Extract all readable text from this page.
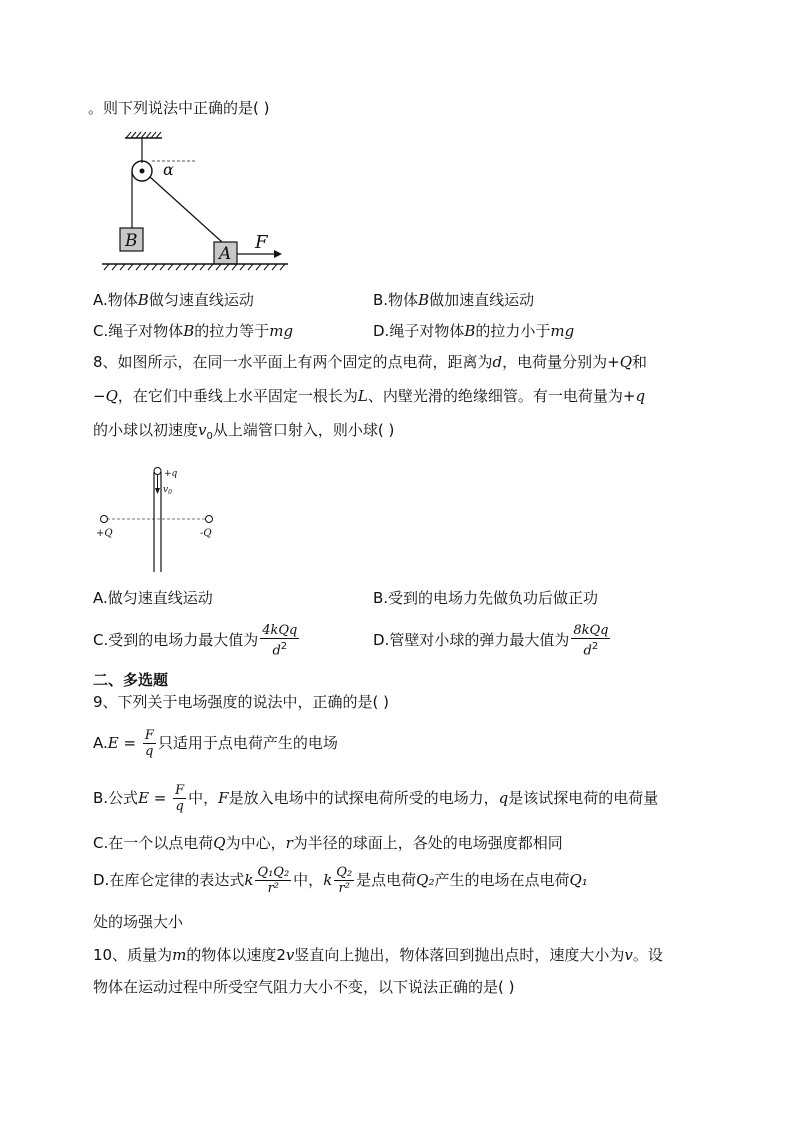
。则下列说法中正确的是( )
α
B
A
F
A.物体B做匀速直线运动	B.物体B做加速直线运动
C.绳子对物体B的拉力等于mg	D.绳子对物体B的拉力小于mg
8、如图所示，在同一水平面上有两个固定的点电荷，距离为d，电荷量分别为+Q和
−Q，在它们中垂线上水平固定一根长为L、内壁光滑的绝缘细管。有一电荷量为+q
的小球以初速度$v_0$从上端管口射入，则小球( )
+q
$v_0$
+Q	-Q
A.做匀速直线运动	B.受到的电场力先做负功后做正功
C.受到的电场力最大值为 $\frac{\text{4kQq}}{d^2}$	D.管壁对小球的弹力最大值为 $\frac{\text{8kQq}}{d^2}$
二、多选题
9、下列关于电场强度的说法中，正确的是( )
$A.E = \frac{F}{q}$ 只适用于点电荷产生的电场
B.公式$E = \frac{F}{q}$ 中，F是放入电场中的试探电荷所受的电场力，q是该试探电荷的电荷量
C.在一个以点电荷Q为中心，r为半径的球面上，各处的电场强度都相同
D.在库仑定律的表达式k $\frac{\text{Q₁Q₂}}{\text{r²}}$ 中，k $\frac{\text{Q₂}}{\text{r²}}$ 是点电荷Q₂产生的电场在点电荷Q₁
处的场强大小
10、质量为m的物体以速度2v竖直向上抛出，物体落回到抛出点时，速度大小为v。设
物体在运动过程中所受空气阻力大小不变，以下说法正确的是( )
